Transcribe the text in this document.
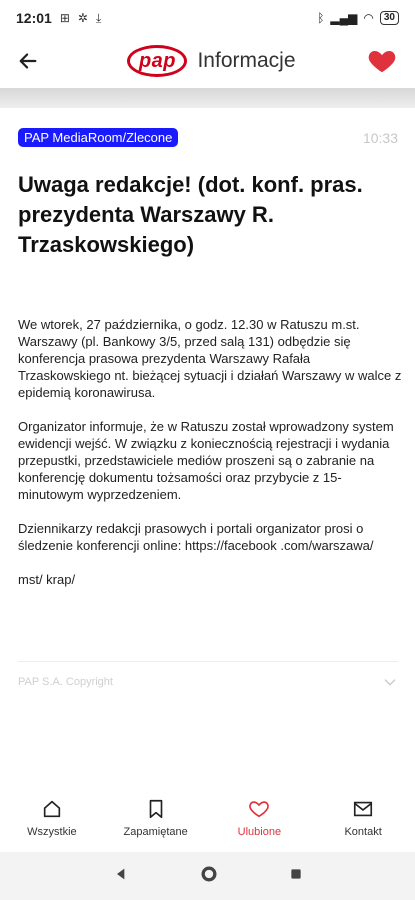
12:01 ⊞ ✲ ⤓	ᛒ ▂▄▆ ◠	30
pap	Informacje
PAP MediaRoom/Zlecone	10:33
Uwaga redakcje! (dot. konf. pras. prezydenta Warszawy R. Trzaskowskiego)

We wtorek, 27 października, o godz. 12.30 w Ratuszu m.st. Warszawy (pl. Bankowy 3/5, przed salą 131) odbędzie się konferencja prasowa prezydenta Warszawy Rafała Trzaskowskiego nt. bieżącej sytuacji i działań Warszawy w walce z epidemią koronawirusa.

Organizator informuje, że w Ratuszu został wprowadzony system ewidencji wejść. W związku z koniecznością rejestracji i wydania przepustki, przedstawiciele mediów proszeni są o zabranie na konferencję dokumentu tożsamości oraz przybycie z 15-minutowym wyprzedzeniem.

Dziennikarzy redakcji prasowych i portali organizator prosi o śledzenie konferencji online: https://facebook .com/warszawa/

mst/ krap/

PAP S.A. Copyright
Wszystkie	Zapamiętane	Ulubione	Kontakt
